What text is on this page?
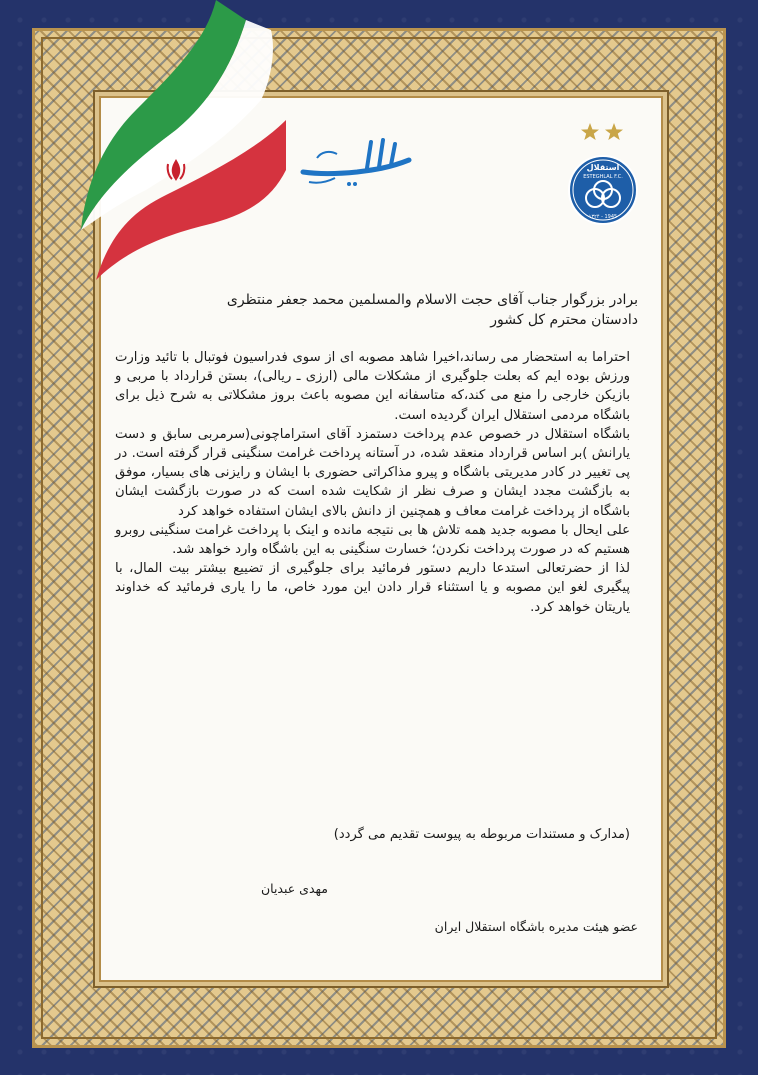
استقلال
ESTEGHLAL F.C.
۱۳۲۴ - 1945
برادر بزرگوار جناب آقای حجت الاسلام والمسلمین محمد جعفر منتظری
دادستان محترم کل کشور

احتراما به استحضار می رساند،اخیرا شاهد مصوبه ای از سوی فدراسیون فوتبال با تائید وزارت ورزش بوده ایم که بعلت جلوگیری از مشکلات مالی (ارزی ـ ریالی)، بستن قرارداد با مربی و بازیکن خارجی را منع می کند،که متاسفانه این مصوبه باعث بروز مشکلاتی به شرح ذیل برای باشگاه مردمی استقلال ایران گردیده است.

باشگاه استقلال در خصوص عدم پرداخت دستمزد آقای استراماچونی(سرمربی سابق و دست یارانش )بر اساس قرارداد منعقد شده، در آستانه پرداخت غرامت سنگینی قرار گرفته است. در پی تغییر در کادر مدیریتی باشگاه و پیرو مذاکراتی حضوری با ایشان و رایزنی های بسیار، موفق به بازگشت مجدد ایشان و صرف نظر از شکایت شده است که در صورت بازگشت ایشان باشگاه از پرداخت غرامت معاف و همچنین از دانش بالای ایشان استفاده خواهد کرد

علی ایحال با مصوبه جدید همه تلاش ها بی نتیجه مانده و اینک با پرداخت غرامت سنگینی روبرو هستیم که در صورت پرداخت نکردن؛ خسارت سنگینی به این باشگاه وارد خواهد شد.

لذا از حضرتعالی استدعا داریم دستور فرمائید برای جلوگیری از تضییع بیشتر بیت المال، با پیگیری لغو این مصوبه و یا استثناء قرار دادن این مورد خاص، ما را یاری فرمائید که خداوند یاریتان خواهد کرد.

(مدارک و مستندات مربوطه به پیوست تقدیم می گردد)
مهدی عبدیان
عضو هیئت مدیره باشگاه استقلال ایران
